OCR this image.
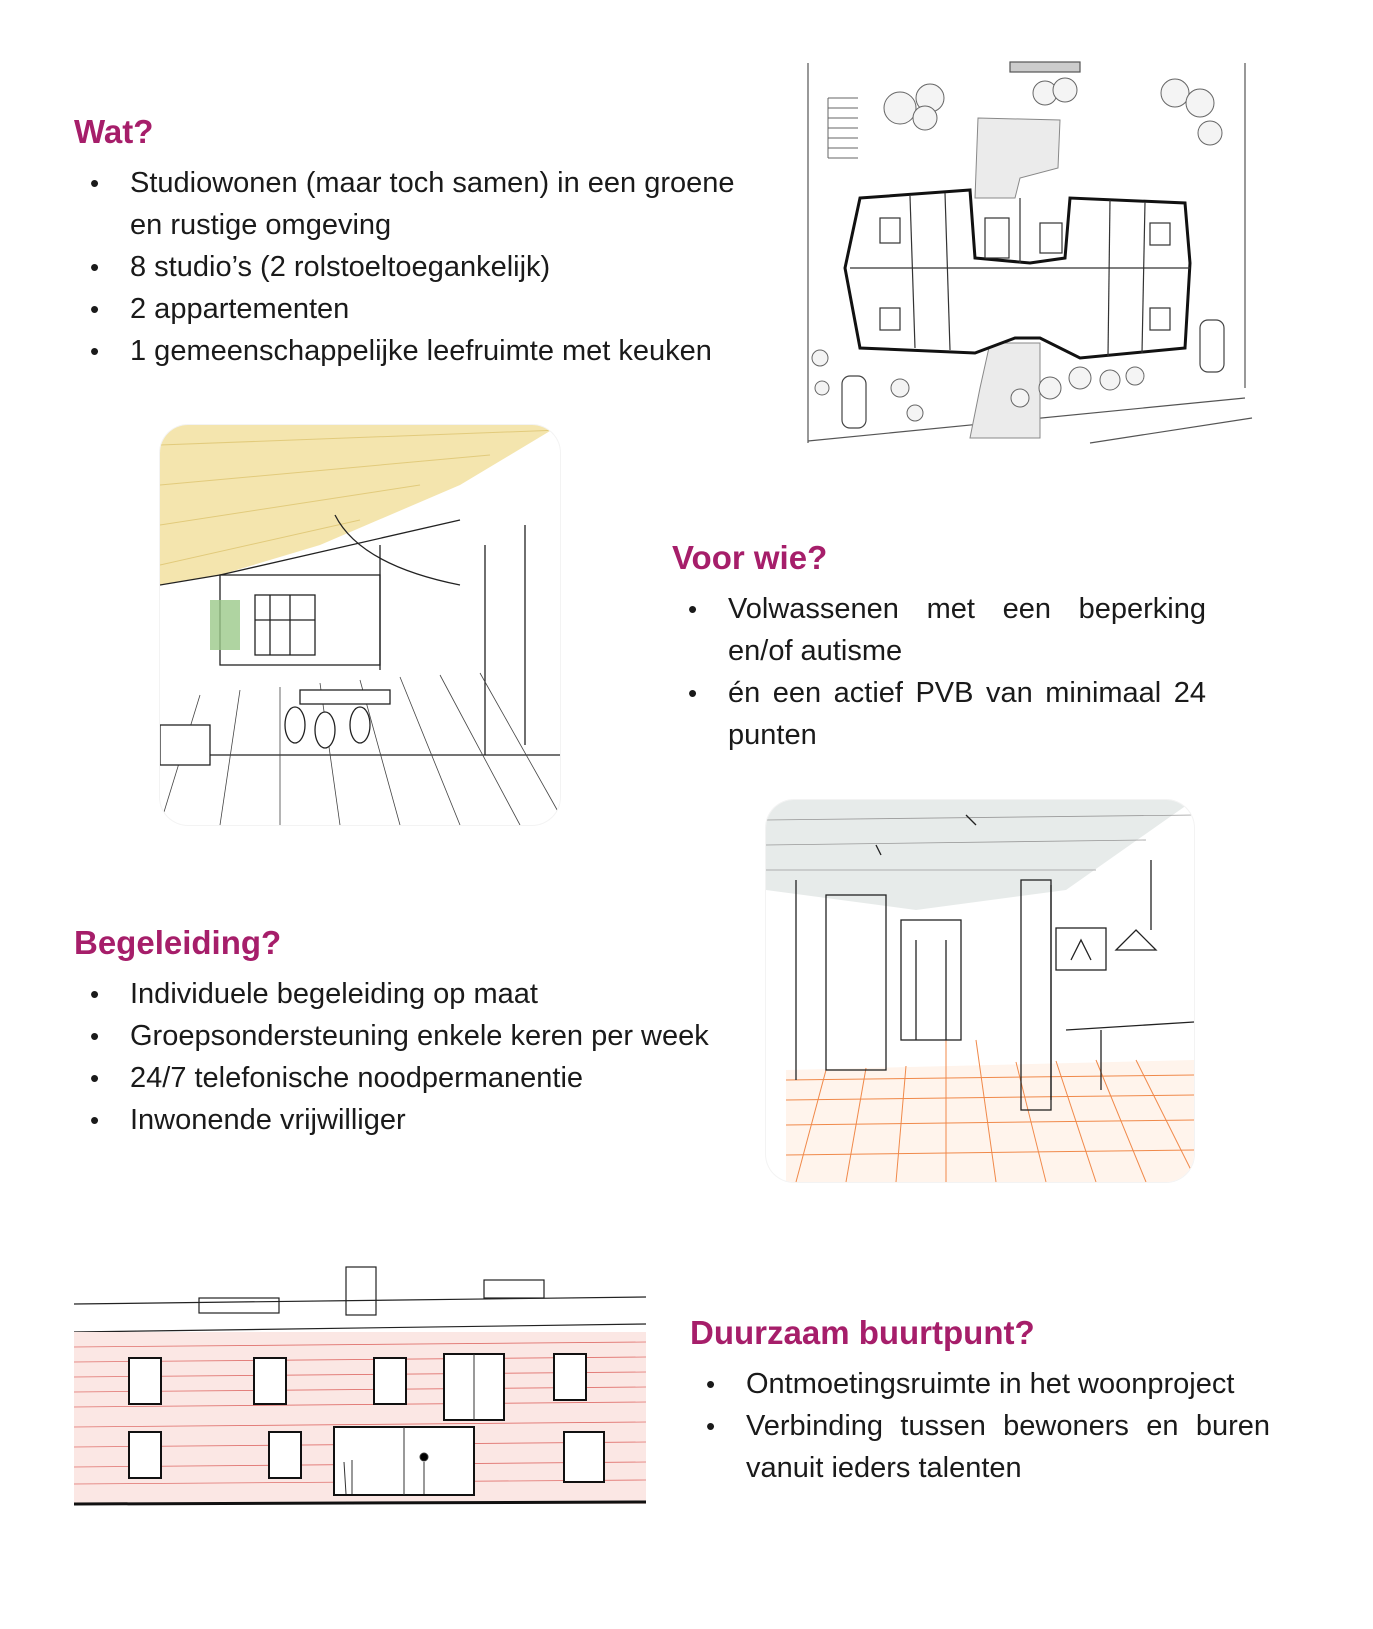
Wat?
• Studiowonen (maar toch samen) in een groene en rustige omgeving
• 8 studio’s (2 rolstoeltoegankelijk)
• 2 appartementen
• 1 gemeenschappelijke leefruimte met keuken
Voor wie?
• Volwassenen met een beperking en/of autisme
• én een actief PVB van minimaal 24 punten
Begeleiding?
• Individuele begeleiding op maat
• Groepsondersteuning enkele keren per week
• 24/7 telefonische noodpermanentie
• Inwonende vrijwilliger
Duurzaam buurtpunt?
• Ontmoetingsruimte in het woonproject
• Verbinding tussen bewoners en buren vanuit ieders talenten
